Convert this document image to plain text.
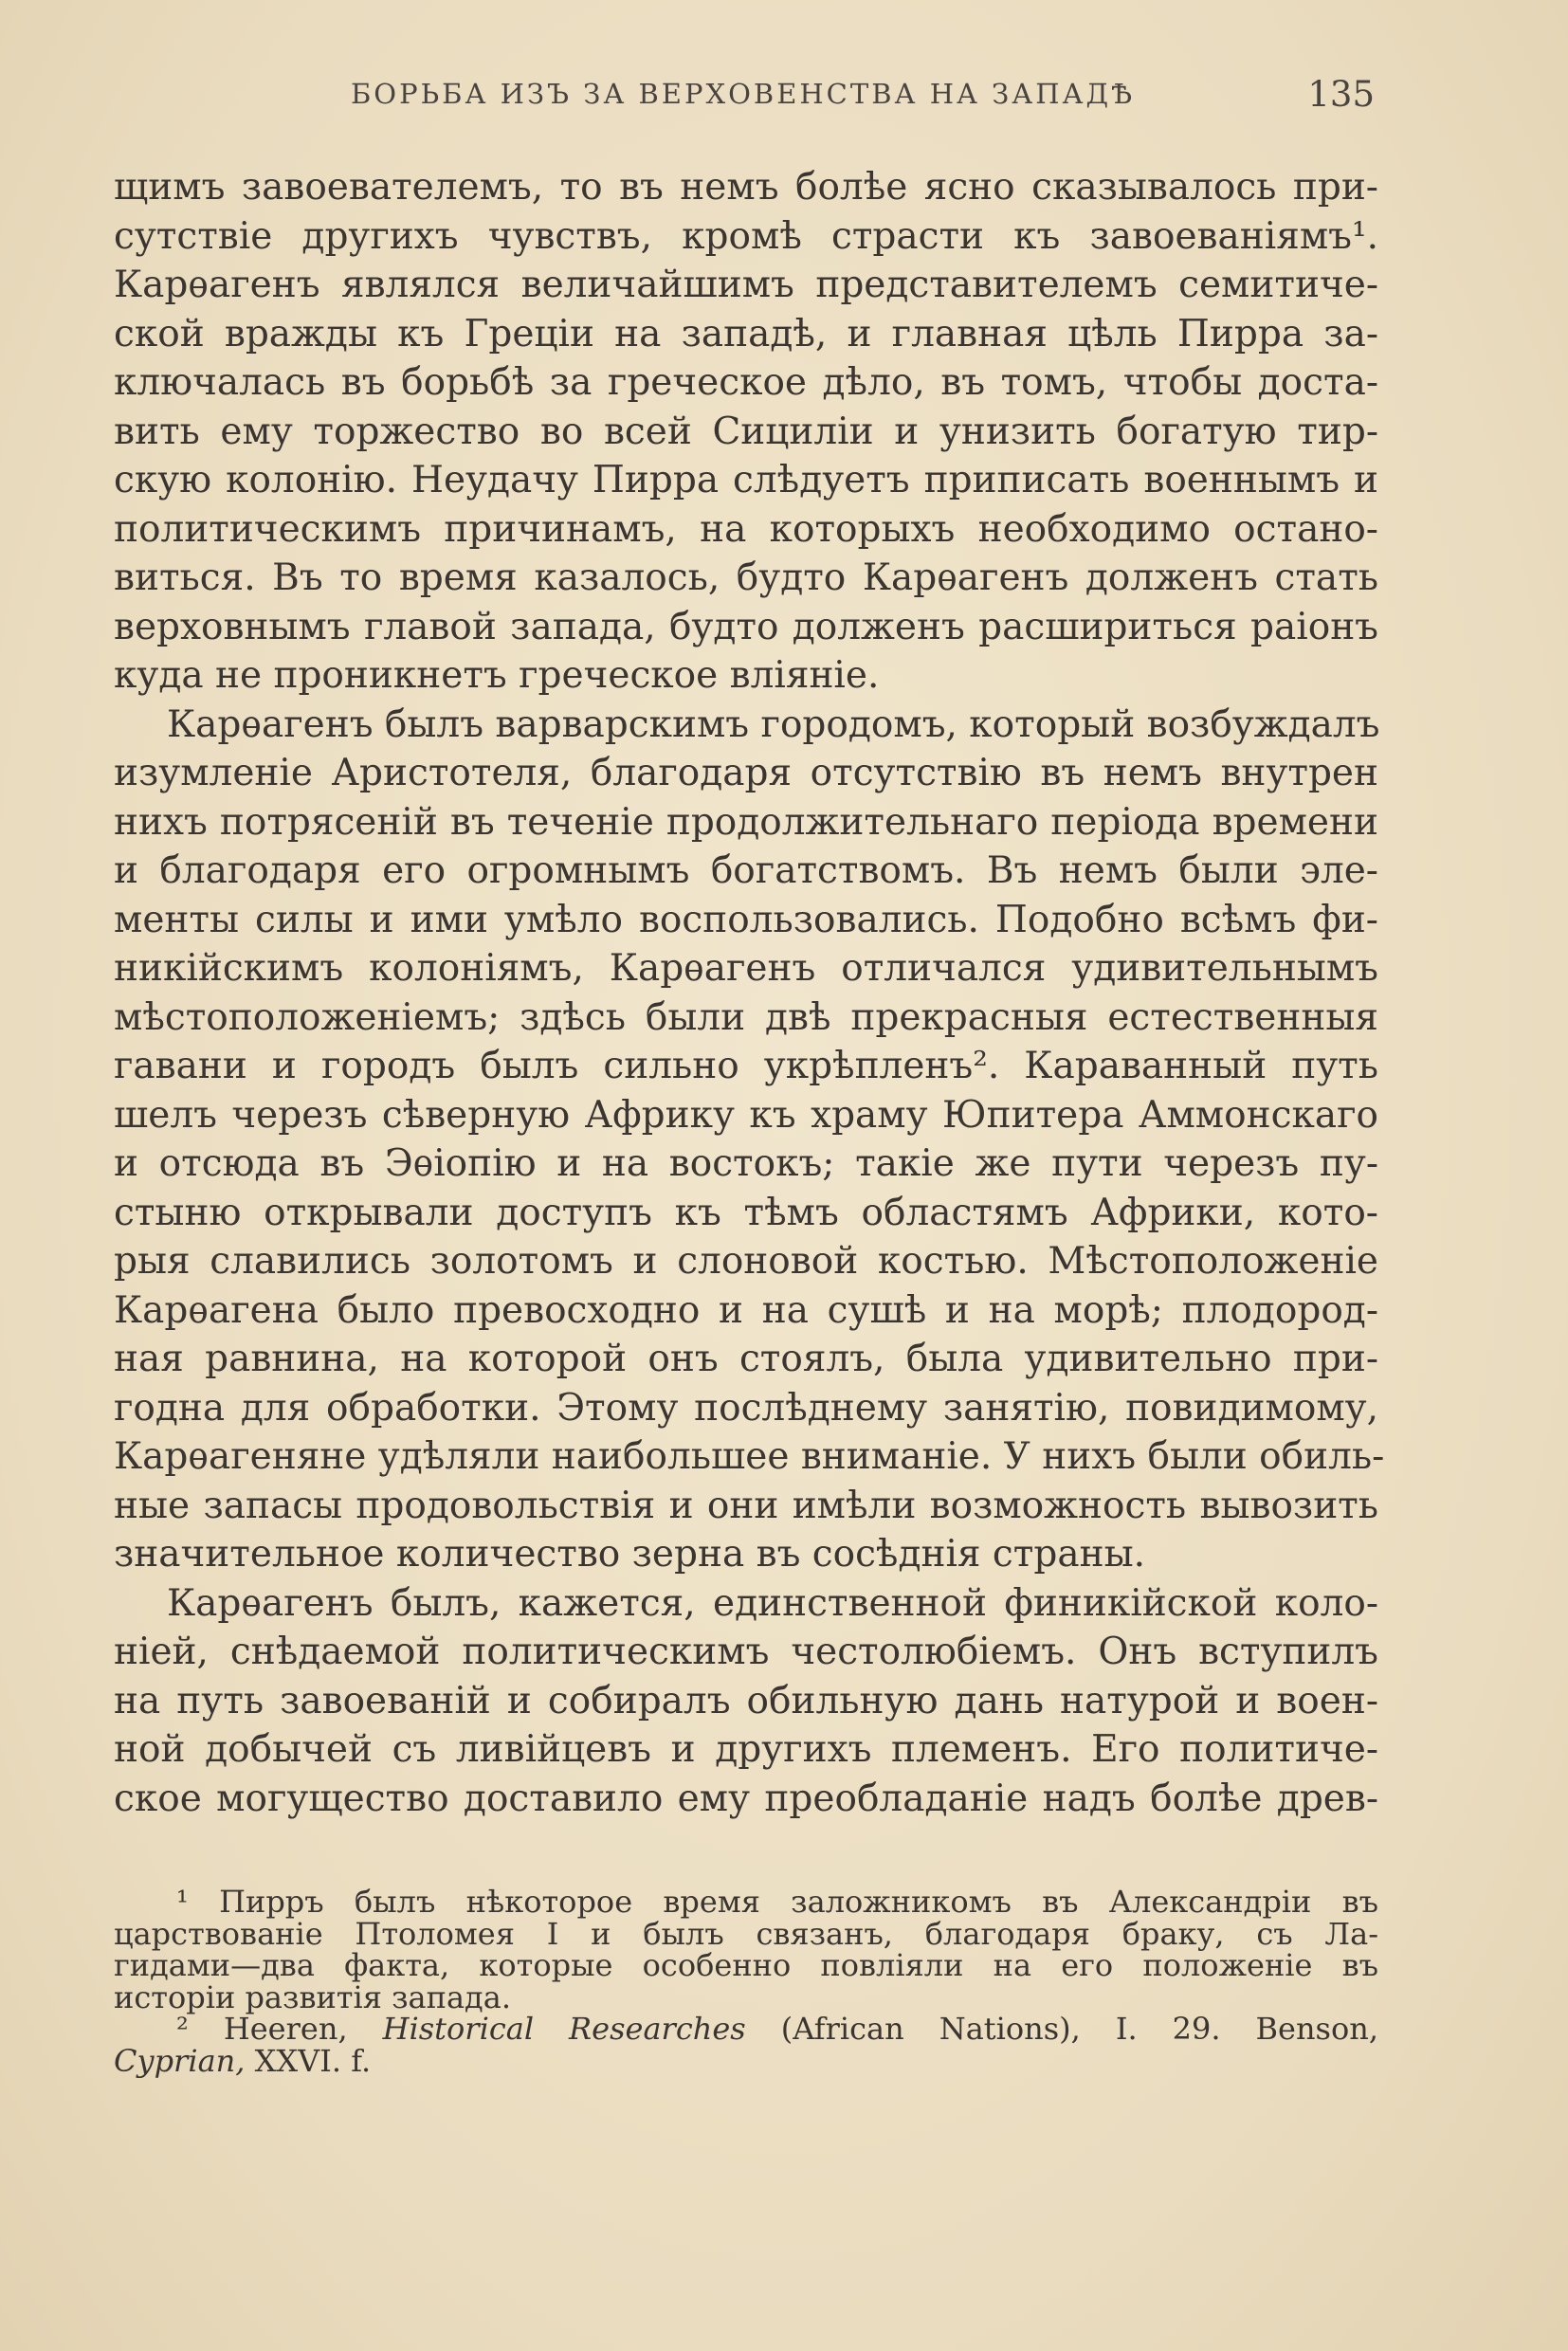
БОРЬБА ИЗЪ ЗА ВЕРХОВЕНСТВА НА ЗАПАДѢ	135
щимъ завоевателемъ, то въ немъ болѣе ясно сказывалось при-
сутствіе другихъ чувствъ, кромѣ страсти къ завоеваніямъ¹.
Карѳагенъ являлся величайшимъ представителемъ семитиче-
ской вражды къ Греціи на западѣ, и главная цѣль Пирра за-
ключалась въ борьбѣ за греческое дѣло, въ томъ, чтобы доста-
вить ему торжество во всей Сициліи и унизить богатую тир-
скую колонію. Неудачу Пирра слѣдуетъ приписать военнымъ и
политическимъ причинамъ, на которыхъ необходимо остано-
виться. Въ то время казалось, будто Карѳагенъ долженъ стать
верховнымъ главой запада, будто долженъ расшириться раіонъ
куда не проникнетъ греческое вліяніе.
Карѳагенъ былъ варварскимъ городомъ, который возбуждалъ
изумленіе Аристотеля, благодаря отсутствію въ немъ внутрен
нихъ потрясеній въ теченіе продолжительнаго періода времени
и благодаря его огромнымъ богатствомъ. Въ немъ были эле-
менты силы и ими умѣло воспользовались. Подобно всѣмъ фи-
никійскимъ колоніямъ, Карѳагенъ отличался удивительнымъ
мѣстоположеніемъ; здѣсь были двѣ прекрасныя естественныя
гавани и городъ былъ сильно укрѣпленъ². Караванный путь
шелъ черезъ сѣверную Африку къ храму Юпитера Аммонскаго
и отсюда въ Эѳіопію и на востокъ; такіе же пути черезъ пу-
стыню открывали доступъ къ тѣмъ областямъ Африки, кото-
рыя славились золотомъ и слоновой костью. Мѣстоположеніе
Карѳагена было превосходно и на сушѣ и на морѣ; плодород-
ная равнина, на которой онъ стоялъ, была удивительно при-
годна для обработки. Этому послѣднему занятію, повидимому,
Карѳагеняне удѣляли наибольшее вниманіе. У нихъ были обиль-
ные запасы продовольствія и они имѣли возможность вывозить
значительное количество зерна въ сосѣднія страны.
Карѳагенъ былъ, кажется, единственной финикійской коло-
ніей, снѣдаемой политическимъ честолюбіемъ. Онъ вступилъ
на путь завоеваній и собиралъ обильную дань натурой и воен-
ной добычей съ ливійцевъ и другихъ племенъ. Его политиче-
ское могущество доставило ему преобладаніе надъ болѣе древ-
¹ Пирръ былъ нѣкоторое время заложникомъ въ Александріи въ
царствованіе Птоломея I и былъ связанъ, благодаря браку, съ Ла-
гидами—два факта, которые особенно повліяли на его положеніе въ
исторіи развитія запада.
² Heeren, Historical Researches (African Nations), I. 29. Benson,
Cyprian, XXVI. f.
